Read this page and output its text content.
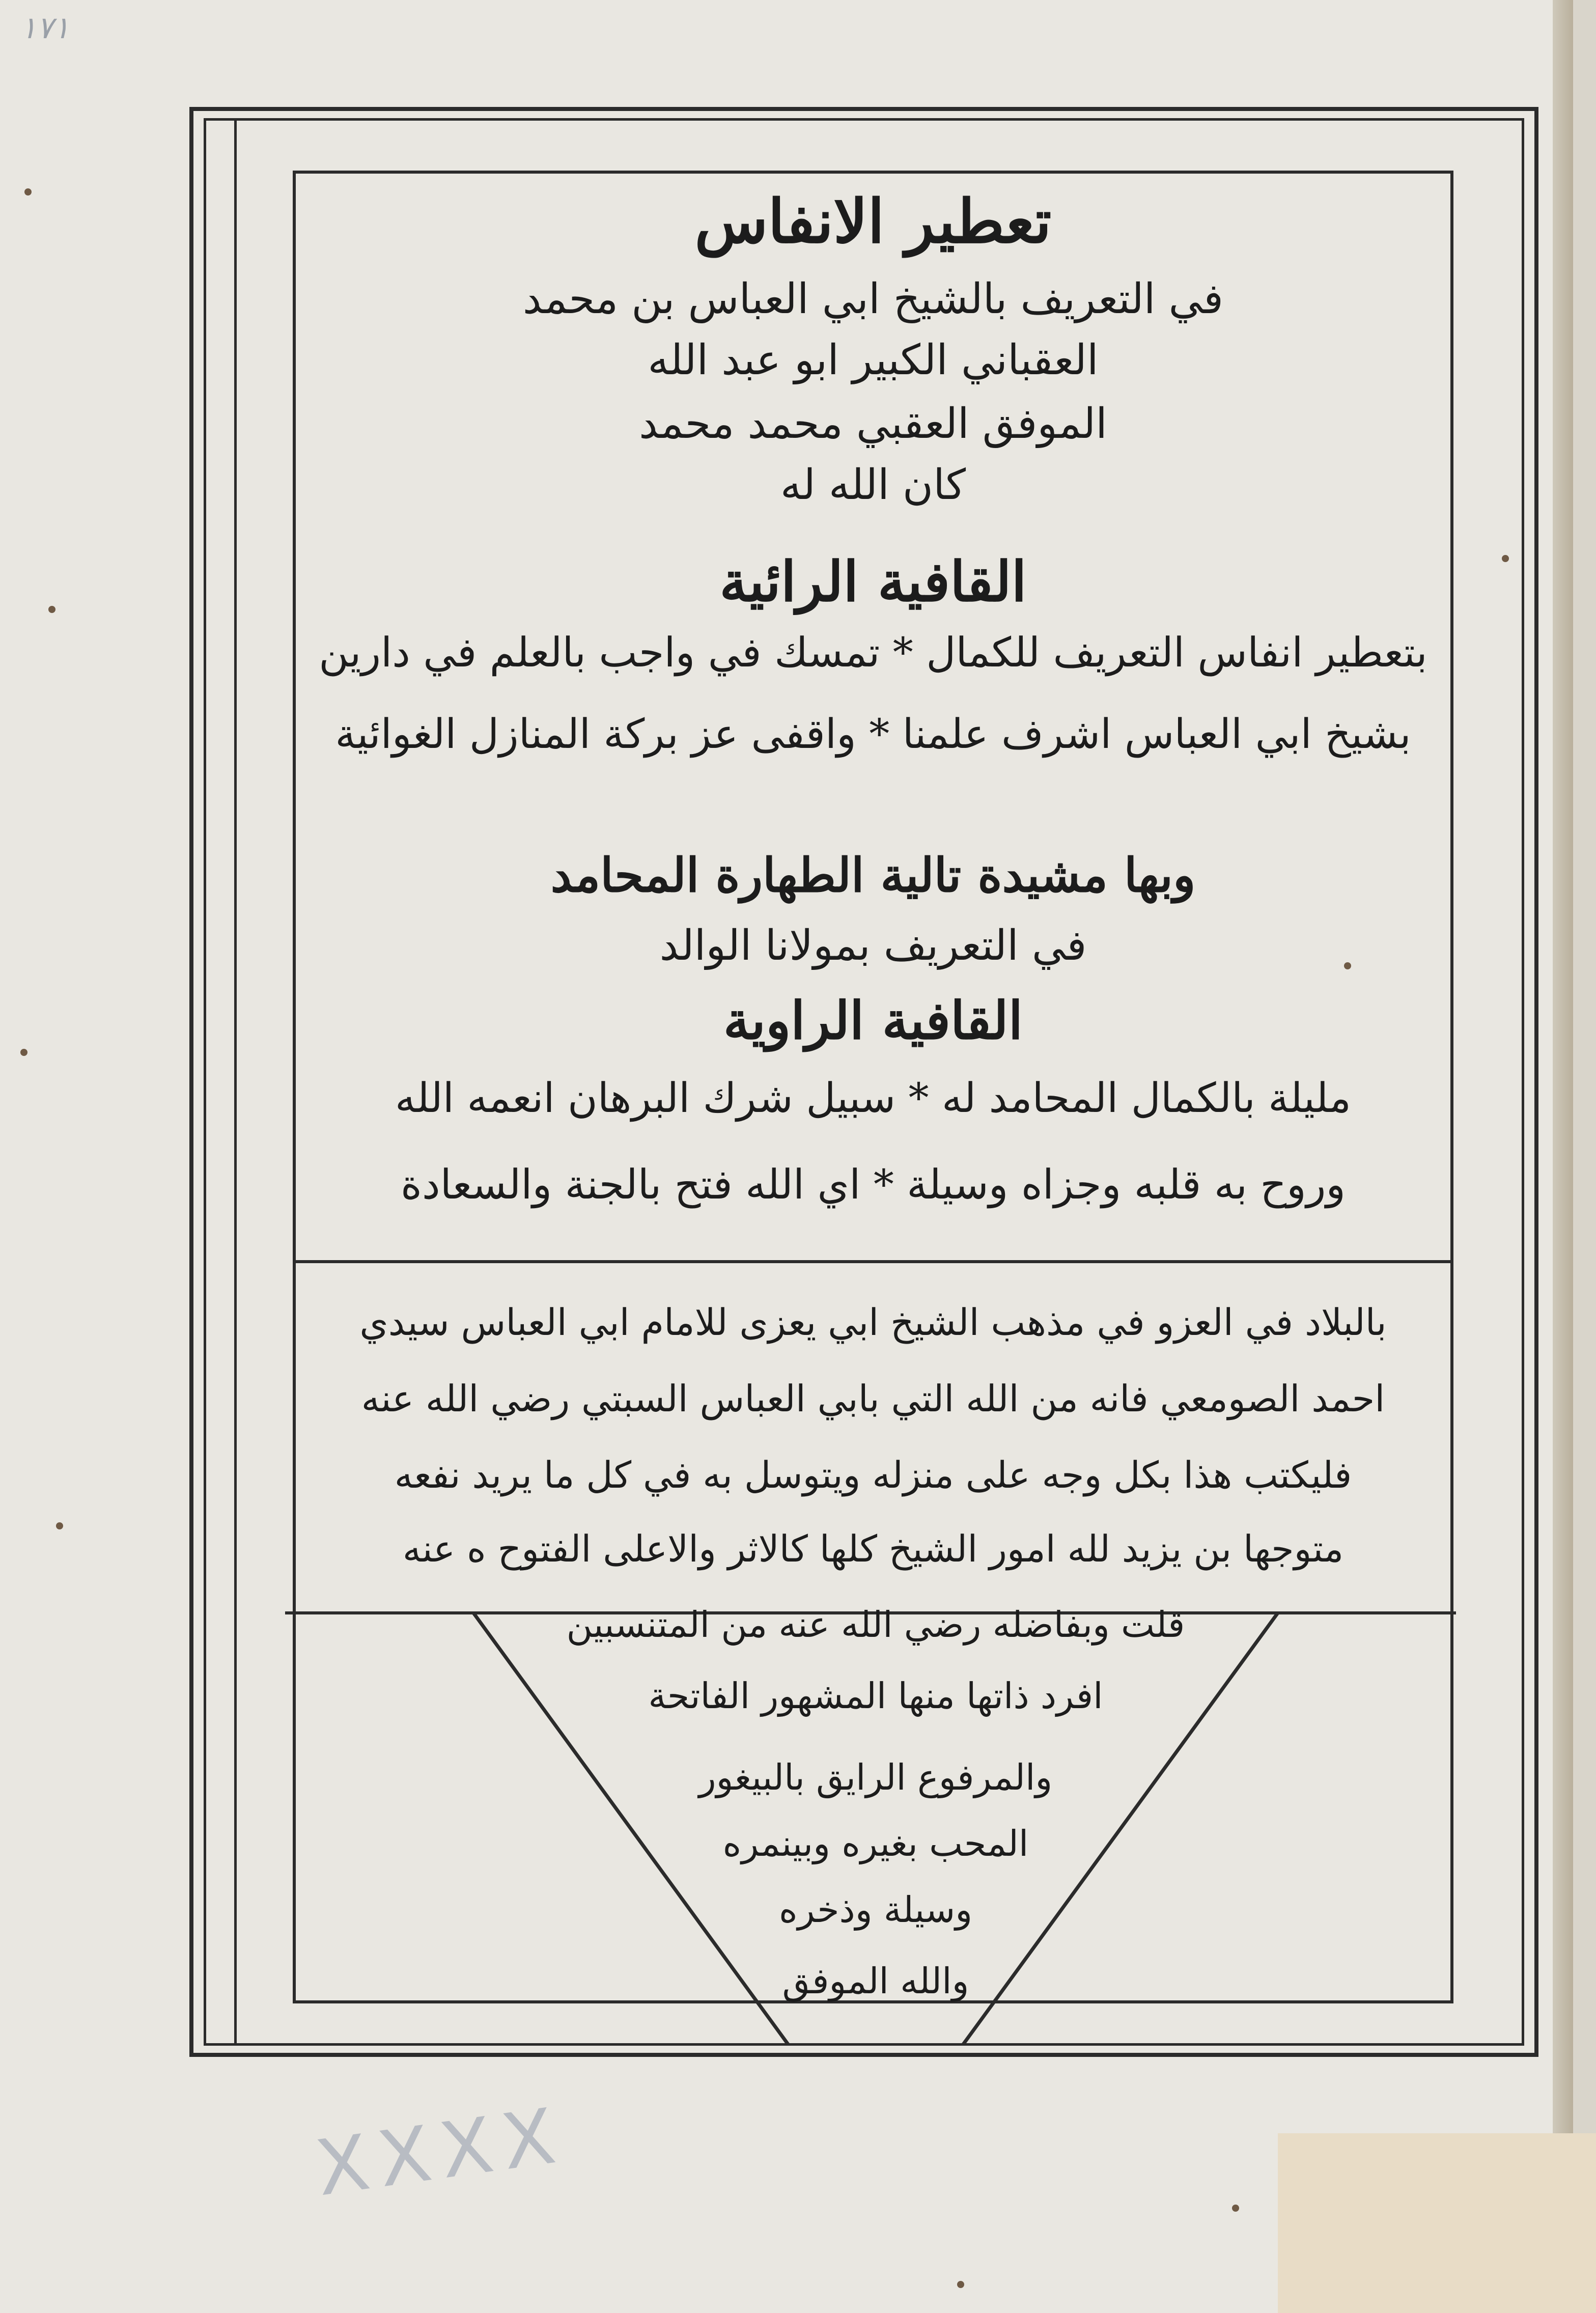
۱۷۱
XXXX
تعطير الانفاس
في التعريف بالشيخ ابي العباس بن محمد
العقباني الكبير ابو عبد الله
الموفق العقبي محمد محمد
كان الله له
القافية الرائية
بتعطير انفاس التعريف للكمال * تمسك في واجب بالعلم في دارين
بشيخ ابي العباس اشرف علمنا * واقفى عز بركة المنازل الغوائية
وبها مشيدة تالية الطهارة المحامد
في التعريف بمولانا الوالد
القافية الراوية
مليلة بالكمال المحامد له * سبيل شرك البرهان انعمه الله
وروح به قلبه وجزاه وسيلة * اي الله فتح بالجنة والسعادة
بالبلاد في العزو في مذهب الشيخ ابي يعزى للامام ابي العباس سيدي
احمد الصومعي فانه من الله التي بابي العباس السبتي رضي الله عنه
فليكتب هذا بكل وجه على منزله ويتوسل به في كل ما يريد نفعه
متوجها بن يزيد لله امور الشيخ كلها كالاثر والاعلى الفتوح ه عنه
قلت وبفاضله رضي الله عنه من المتنسبين
افرد ذاتها منها المشهور الفاتحة
والمرفوع الرايق بالبيغور
المحب بغيره وبينمره
وسيلة وذخره
والله الموفق
